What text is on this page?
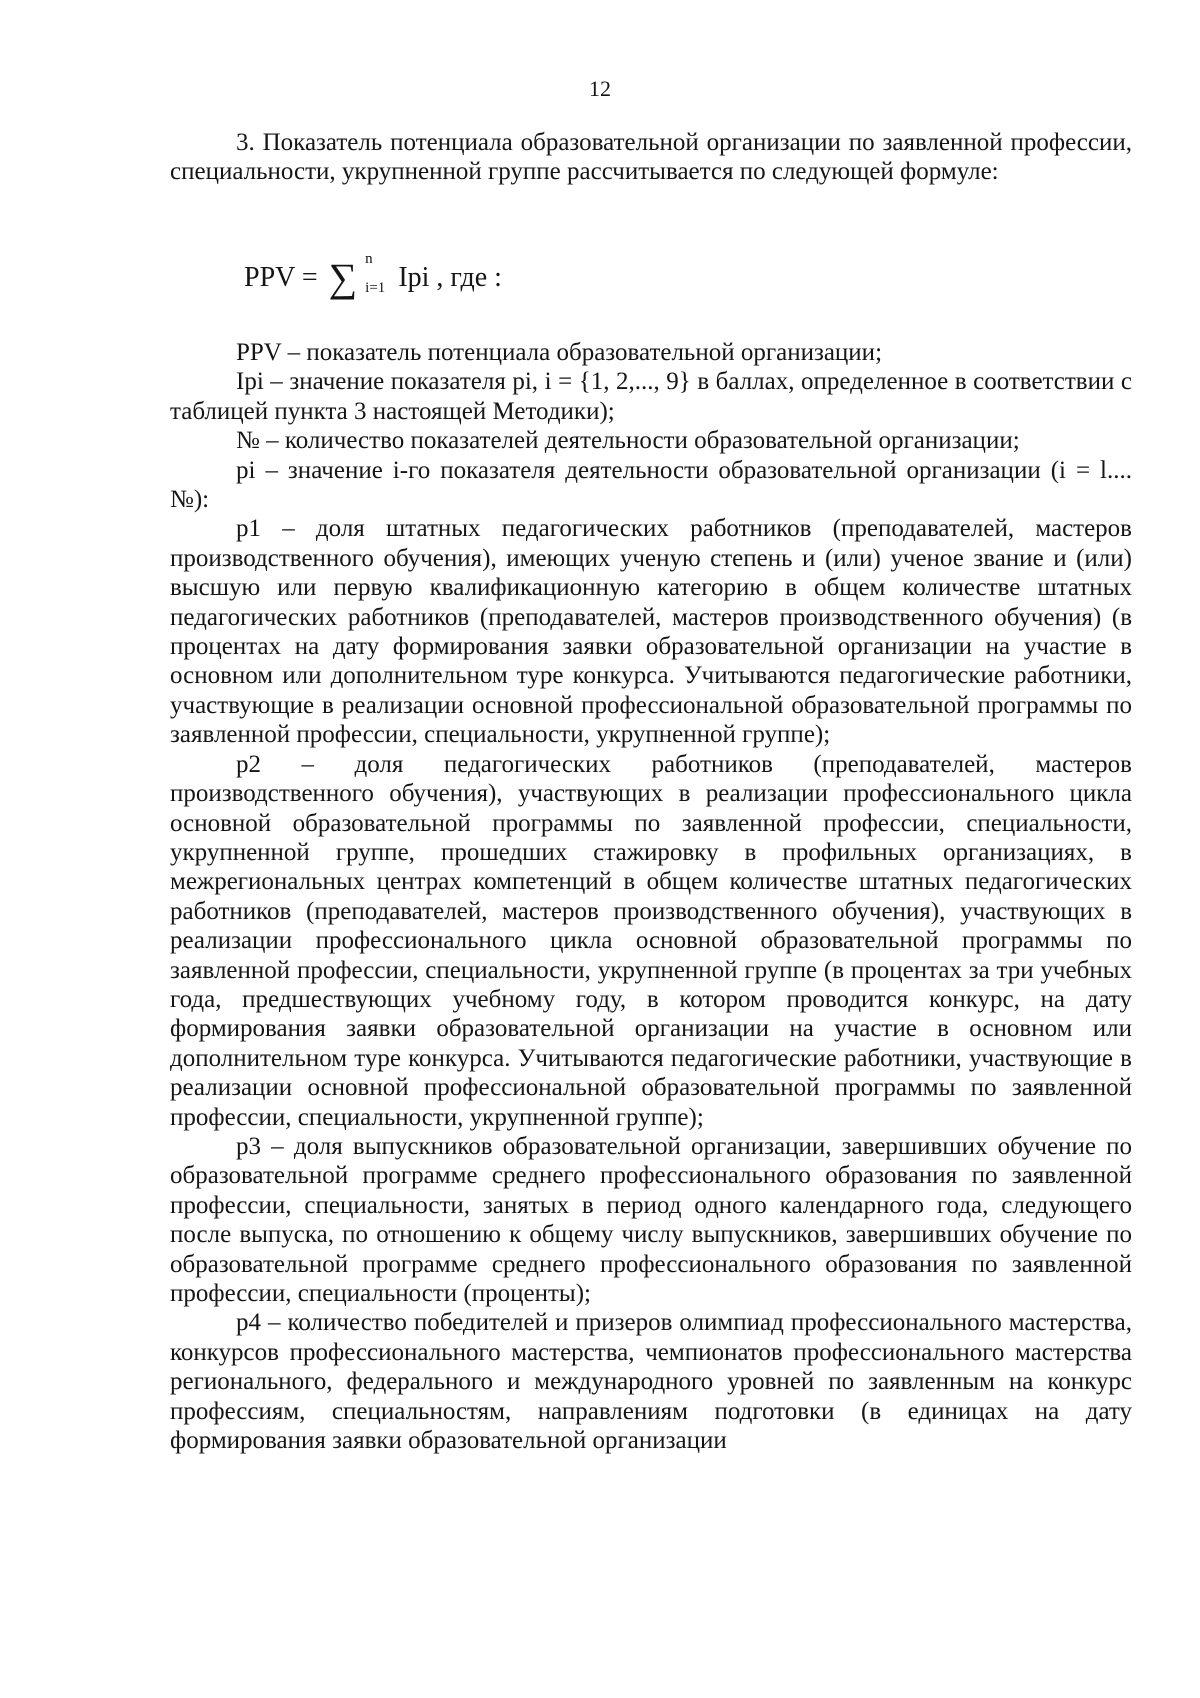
12

3. Показатель потенциала образовательной организации по заявленной профессии, специальности, укрупненной группе рассчитывается по следующей формуле:

PPV = ∑ n
i=1 Ipi , где :

PPV – показатель потенциала образовательной организации;

Ipi – значение показателя pi, i = {1, 2,..., 9} в баллах, определенное в соответствии с таблицей пункта 3 настоящей Методики);

№ – количество показателей деятельности образовательной организации;

pi – значение i-го показателя деятельности образовательной организации (i = l....№):

p1 – доля штатных педагогических работников (преподавателей, мастеров производственного обучения), имеющих ученую степень и (или) ученое звание и (или) высшую или первую квалификационную категорию в общем количестве штатных педагогических работников (преподавателей, мастеров производственного обучения) (в процентах на дату формирования заявки образовательной организации на участие в основном или дополнительном туре конкурса. Учитываются педагогические работники, участвующие в реализации основной профессиональной образовательной программы по заявленной профессии, специальности, укрупненной группе);

p2 – доля педагогических работников (преподавателей, мастеров производственного обучения), участвующих в реализации профессионального цикла основной образовательной программы по заявленной профессии, специальности, укрупненной группе, прошедших стажировку в профильных организациях, в межрегиональных центрах компетенций в общем количестве штатных педагогических работников (преподавателей, мастеров производственного обучения), участвующих в реализации профессионального цикла основной образовательной программы по заявленной профессии, специальности, укрупненной группе (в процентах за три учебных года, предшествующих учебному году, в котором проводится конкурс, на дату формирования заявки образовательной организации на участие в основном или дополнительном туре конкурса. Учитываются педагогические работники, участвующие в реализации основной профессиональной образовательной программы по заявленной профессии, специальности, укрупненной группе);

p3 – доля выпускников образовательной организации, завершивших обучение по образовательной программе среднего профессионального образования по заявленной профессии, специальности, занятых в период одного календарного года, следующего после выпуска, по отношению к общему числу выпускников, завершивших обучение по образовательной программе среднего профессионального образования по заявленной профессии, специальности (проценты);

p4 – количество победителей и призеров олимпиад профессионального мастерства, конкурсов профессионального мастерства, чемпионатов профессионального мастерства регионального, федерального и международного уровней по заявленным на конкурс профессиям, специальностям, направлениям подготовки (в единицах на дату формирования заявки образовательной организации
